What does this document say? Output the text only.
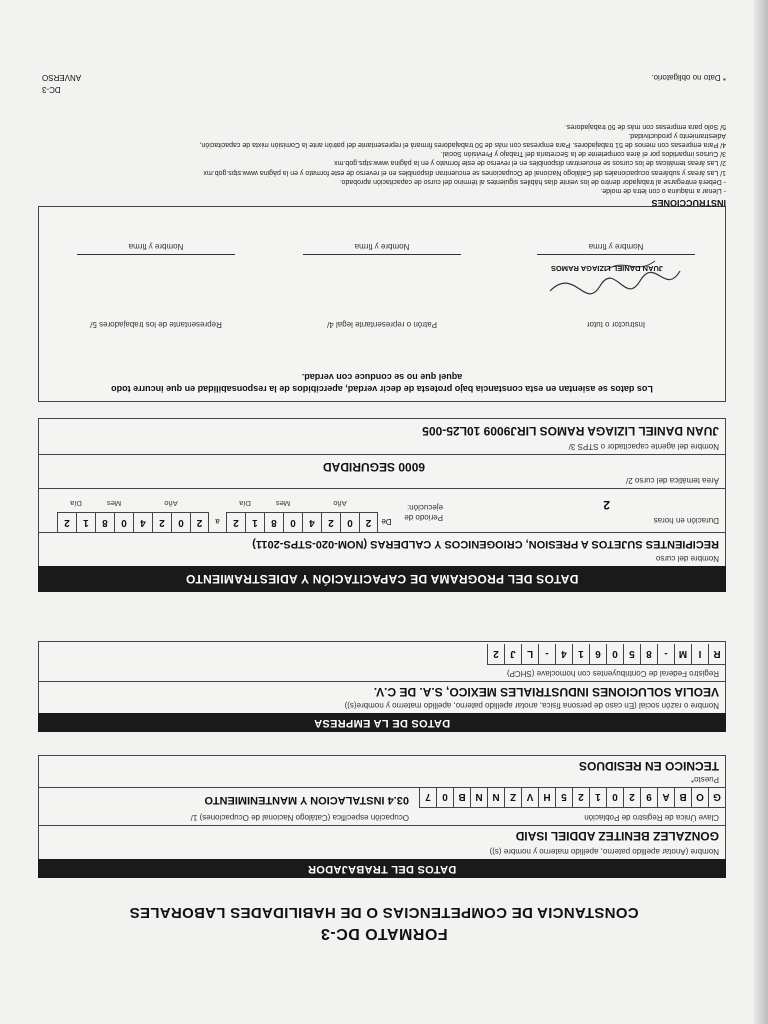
FORMATO DC-3
CONSTANCIA DE COMPETENCIAS O DE HABILIDADES LABORALES
DATOS DEL TRABAJADOR
Nombre (Anotar apellido paterno, apellido materno y nombre (s))
GONZALEZ BENITEZ ADDIEL ISAID
Clave Única de Registro de Población
G
O
B
A
9
2
0
1
2
5
H
V
Z
N
N
B
0
7
Ocupación específica (Catálogo Nacional de Ocupaciones) 1/
03.4 INSTALACION Y MANTENIMIENTO
Puesto*
TECNICO EN RESIDUOS
DATOS DE LA EMPRESA
Nombre o razón social (En caso de persona física, anotar apellido paterno, apellido materno y nombre(s))
VEOLIA SOLUCIONES INDUSTRIALES MEXICO, S.A. DE C.V.
Registro Federal de Contribuyentes con homoclave (SHCP)
R
I
M
-
8
5
0
6
1
4
-
L
J
2
DATOS DEL PROGRAMA DE CAPACITACIÓN Y ADIESTRAMIENTO
Nombre del curso
RECIPIENTES SUJETOS A PRESION, CRIOGENICOS Y CALDERAS (NOM-020-STPS-2011)
Duración en horas
2
Periodo de ejecución:
De
2
0
2
4
0
8
1
2
a
2
0
2
4
0
8
1
2
Año
Mes
Día
Año
Mes
Día
Área temática del curso 2/
6000 SEGURIDAD
Nombre del agente capacitador o STPS 3/
JUAN DANIEL LIZIAGA RAMOS LIRJ9009 10L25-005
Los datos se asientan en esta constancia bajo protesta de decir verdad, apercibidos de la responsabilidad en que incurre todo
aquel que no se conduce con verdad.
Instructor o tutor
Patrón o representante legal 4/
Representante de los trabajadores 5/
JUAN DANIEL LIZIAGA RAMOS
Nombre y firma
Nombre y firma
Nombre y firma
INSTRUCCIONES

- Llenar a máquina o con letra de molde.

- Deberá entregarse al trabajador dentro de los veinte días hábiles siguientes al término del curso de capacitación aprobado.

1/ Las áreas y subáreas ocupacionales del Catálogo Nacional de Ocupaciones se encuentran disponibles en el reverso de este formato y en la página www.stps.gob.mx

2/ Las áreas temáticas de los cursos se encuentran disponibles en el reverso de este formato y en la página www.stps.gob.mx

3/ Cursos impartidos por el área competente de la Secretaría del Trabajo y Previsión Social.

4/ Para empresas con menos de 51 trabajadores. Para empresas con más de 50 trabajadores firmará el representante del patrón ante la Comisión mixta de capacitación,

Adiestramiento y productividad.

5/ Solo para empresas con más de 50 trabajadores.

* Dato no obligatorio.
DC-3
ANVERSO
